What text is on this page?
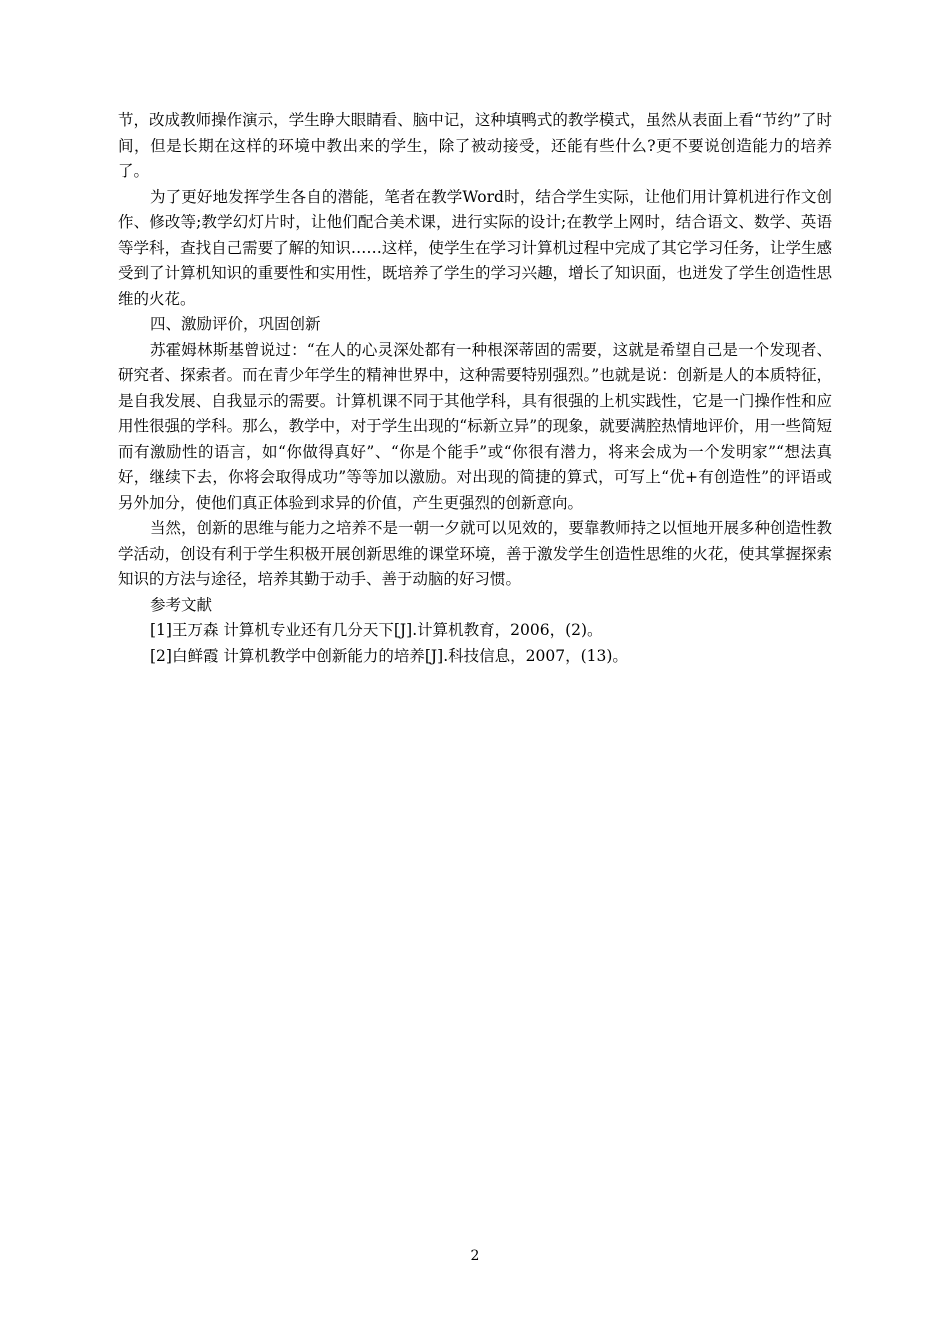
节，改成教师操作演示，学生睁大眼睛看、脑中记，这种填鸭式的教学模式，虽然从表面上看“节约”了时间，但是长期在这样的环境中教出来的学生，除了被动接受，还能有些什么?更不要说创造能力的培养了。

为了更好地发挥学生各自的潜能，笔者在教学Word时，结合学生实际，让他们用计算机进行作文创作、修改等;教学幻灯片时，让他们配合美术课，进行实际的设计;在教学上网时，结合语文、数学、英语等学科，查找自己需要了解的知识……这样，使学生在学习计算机过程中完成了其它学习任务，让学生感受到了计算机知识的重要性和实用性，既培养了学生的学习兴趣，增长了知识面，也迸发了学生创造性思维的火花。

四、激励评价，巩固创新

苏霍姆林斯基曾说过：“在人的心灵深处都有一种根深蒂固的需要，这就是希望自己是一个发现者、研究者、探索者。而在青少年学生的精神世界中，这种需要特别强烈。”也就是说：创新是人的本质特征，是自我发展、自我显示的需要。计算机课不同于其他学科，具有很强的上机实践性，它是一门操作性和应用性很强的学科。那么，教学中，对于学生出现的“标新立异”的现象，就要满腔热情地评价，用一些简短而有激励性的语言，如“你做得真好”、“你是个能手”或“你很有潜力，将来会成为一个发明家”“想法真好，继续下去，你将会取得成功”等等加以激励。对出现的简捷的算式，可写上“优+有创造性”的评语或另外加分，使他们真正体验到求异的价值，产生更强烈的创新意向。

当然，创新的思维与能力之培养不是一朝一夕就可以见效的，要靠教师持之以恒地开展多种创造性教学活动，创设有利于学生积极开展创新思维的课堂环境，善于激发学生创造性思维的火花，使其掌握探索知识的方法与途径，培养其勤于动手、善于动脑的好习惯。

参考文献

[1]王万森 计算机专业还有几分天下[J].计算机教育，2006，(2)。

[2]白鲜霞 计算机教学中创新能力的培养[J].科技信息，2007，(13)。

2
